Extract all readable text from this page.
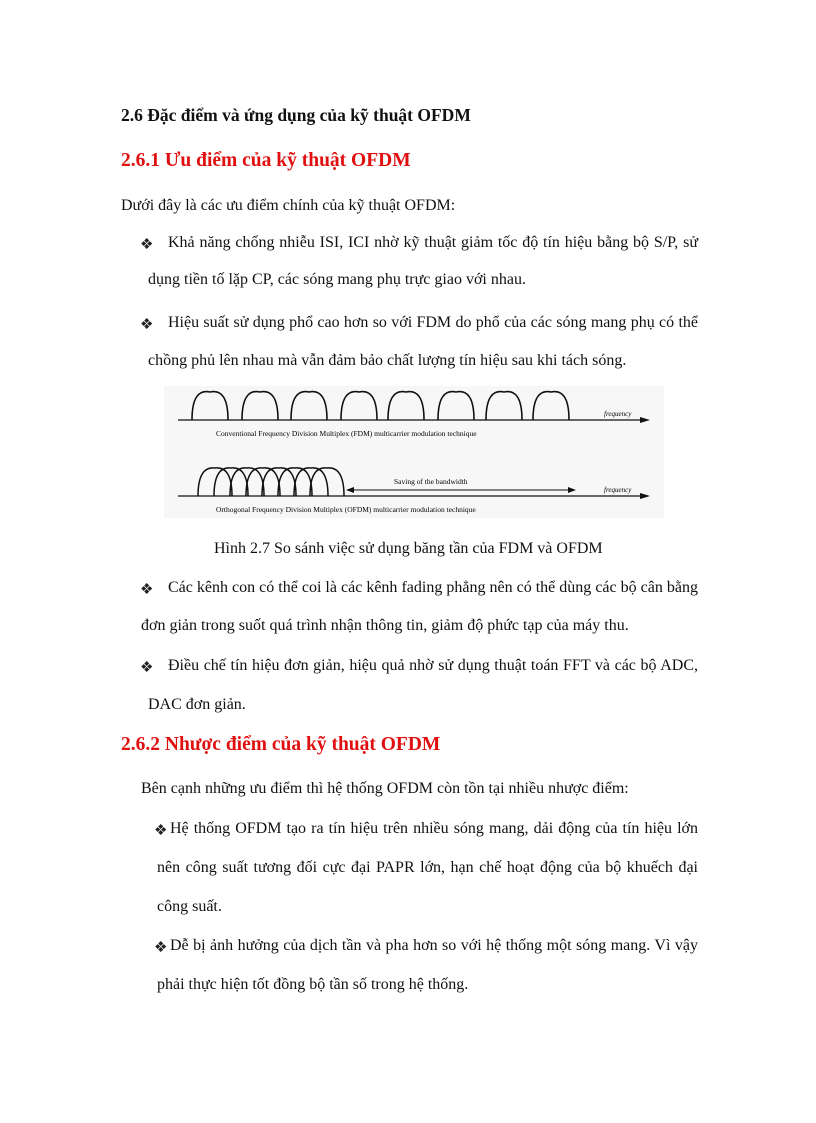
2.6 Đặc điểm và ứng dụng của kỹ thuật OFDM
2.6.1 Ưu điểm của kỹ thuật OFDM
Dưới đây là các ưu điểm chính của kỹ thuật OFDM:
❖ Khả năng chống nhiễu ISI, ICI nhờ kỹ thuật giảm tốc độ tín hiệu bằng bộ S/P, sử
dụng tiền tố lặp CP, các sóng mang phụ trực giao với nhau.
❖ Hiệu suất sử dụng phổ cao hơn so với FDM do phổ của các sóng mang phụ có thể
chồng phủ lên nhau mà vẫn đảm bảo chất lượng tín hiệu sau khi tách sóng.
frequency
Conventional Frequency Division Multiplex (FDM) multicarrier modulation technique
Saving of the bandwidth
frequency
Orthogonal Frequency Division Multiplex (OFDM) multicarrier modulation technique
Hình 2.7 So sánh việc sử dụng băng tần của FDM và OFDM
❖ Các kênh con có thể coi là các kênh fading phẳng nên có thể dùng các bộ cân bằng
đơn giản trong suốt quá trình nhận thông tin, giảm độ phức tạp của máy thu.
❖ Điều chế tín hiệu đơn giản, hiệu quả nhờ sử dụng thuật toán FFT và các bộ ADC,
DAC đơn giản.
2.6.2 Nhược điểm của kỹ thuật OFDM
Bên cạnh những ưu điểm thì hệ thống OFDM còn tồn tại nhiều nhược điểm:
❖ Hệ thống OFDM tạo ra tín hiệu trên nhiều sóng mang, dải động của tín hiệu lớn
nên công suất tương đối cực đại PAPR lớn, hạn chế hoạt động của bộ khuếch đại
công suất.
❖ Dễ bị ảnh hưởng của dịch tần và pha hơn so với hệ thống một sóng mang. Vì vậy
phải thực hiện tốt đồng bộ tần số trong hệ thống.
